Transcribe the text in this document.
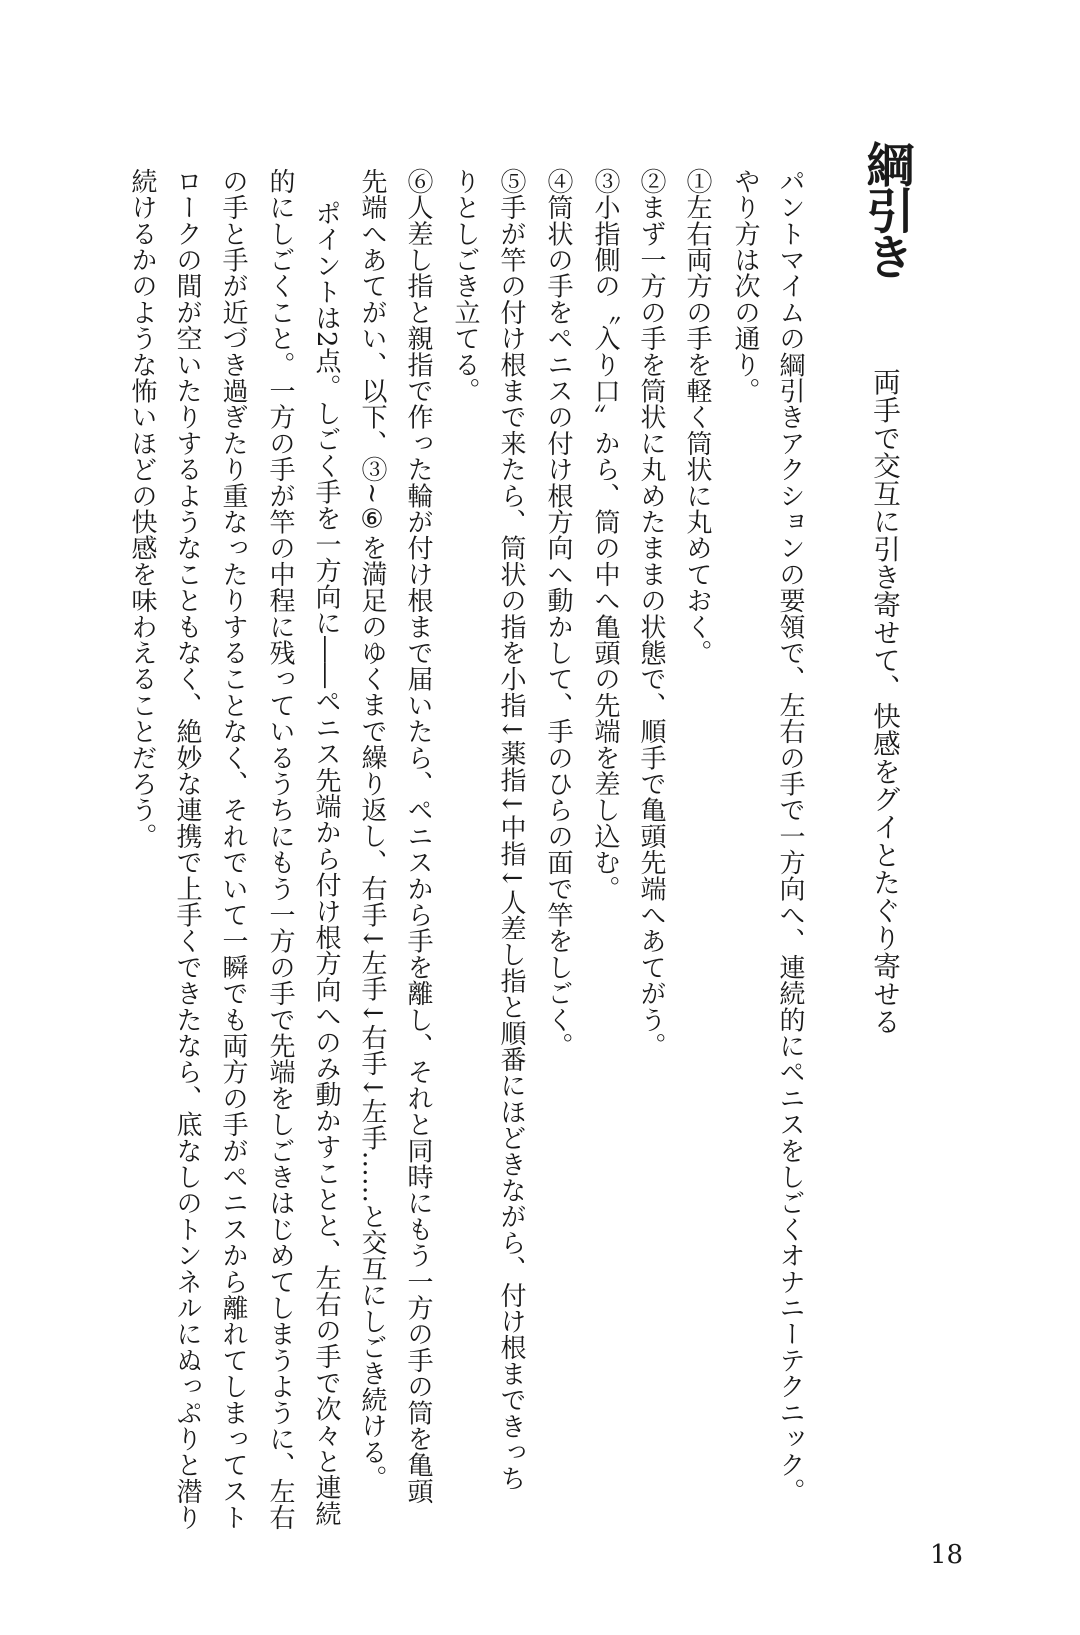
綱引き
両手で交互に引き寄せて、快感をグイとたぐり寄せる
パントマイムの綱引きアクションの要領で、左右の手で一方向へ、連続的にペニスをしごくオナニーテクニック。
やり方は次の通り。
①左右両方の手を軽く筒状に丸めておく。
②まず一方の手を筒状に丸めたままの状態で、順手で亀頭先端へあてがう。
③小指側の〝入り口〟から、筒の中へ亀頭の先端を差し込む。
④筒状の手をペニスの付け根方向へ動かして、手のひらの面で竿をしごく。
⑤手が竿の付け根まで来たら、筒状の指を小指↓薬指↓中指↓人差し指と順番にほどきながら、付け根まできっち
りとしごき立てる。
⑥人差し指と親指で作った輪が付け根まで届いたら、ペニスから手を離し、それと同時にもう一方の手の筒を亀頭
先端へあてがい、以下、③~⑥を満足のゆくまで繰り返し、右手↓左手↓右手↓左手……と交互にしごき続ける。
ポイントは2点。しごく手を一方向に――ペニス先端から付け根方向へのみ動かすことと、左右の手で次々と連続
的にしごくこと。一方の手が竿の中程に残っているうちにもう一方の手で先端をしごきはじめてしまうように、左右
の手と手が近づき過ぎたり重なったりすることなく、それでいて一瞬でも両方の手がペニスから離れてしまってスト
ロークの間が空いたりするようなこともなく、絶妙な連携で上手くできたなら、底なしのトンネルにぬっぷりと潜り
続けるかのような怖いほどの快感を味わえることだろう。
18
